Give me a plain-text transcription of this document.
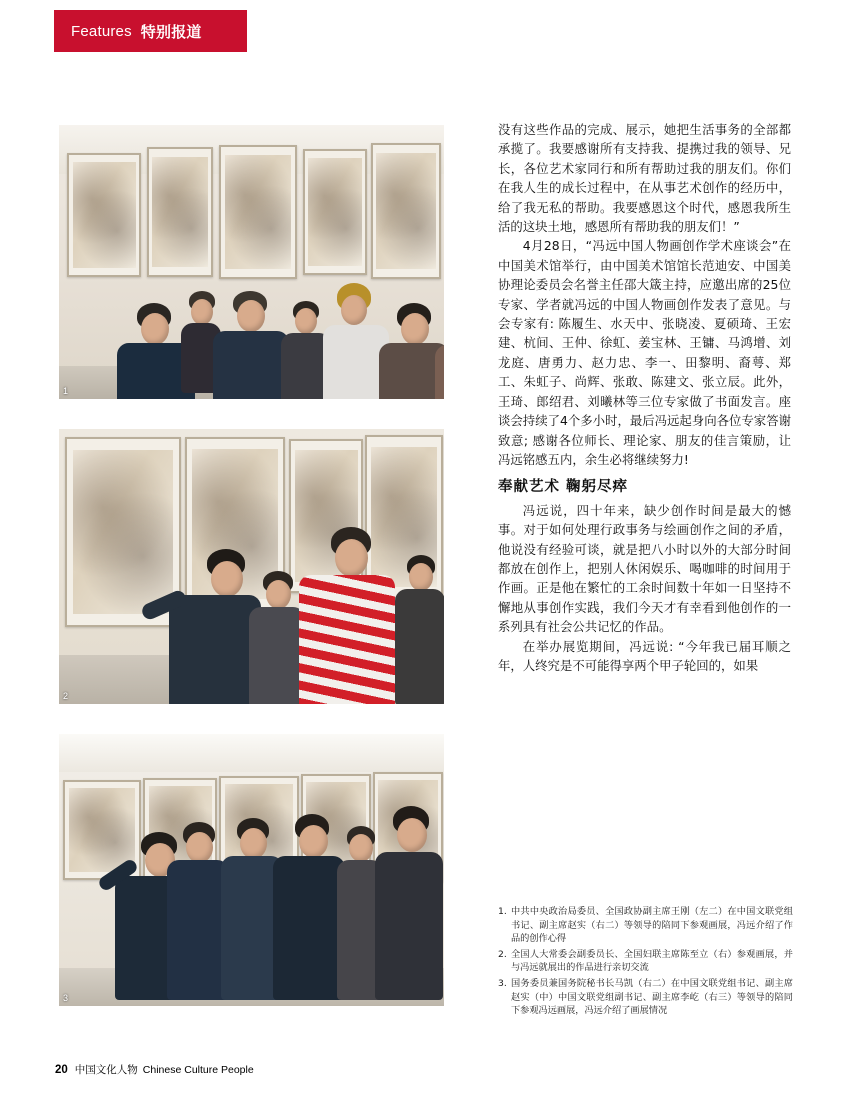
Features 特别报道
1
2
3

没有这些作品的完成、展示，她把生活事务的全部都承揽了。我要感谢所有支持我、提携过我的领导、兄长，各位艺术家同行和所有帮助过我的朋友们。你们在我人生的成长过程中，在从事艺术创作的经历中，给了我无私的帮助。我要感恩这个时代，感恩我所生活的这块土地，感恩所有帮助我的朋友们！”

4月28日，“冯远中国人物画创作学术座谈会”在中国美术馆举行，由中国美术馆馆长范迪安、中国美协理论委员会名誉主任邵大箴主持，应邀出席的25位专家、学者就冯远的中国人物画创作发表了意见。与会专家有: 陈履生、水天中、张晓凌、夏硕琦、王宏建、杭间、王仲、徐虹、姜宝林、王镛、马鸿增、刘龙庭、唐勇力、赵力忠、李一、田黎明、裔萼、郑工、朱虹子、尚辉、张敢、陈建文、张立辰。此外，王琦、郎绍君、刘曦林等三位专家做了书面发言。座谈会持续了4个多小时，最后冯远起身向各位专家答谢致意; 感谢各位师长、理论家、朋友的佳言策励，让冯远铭感五内，余生必将继续努力!

奉献艺术 鞠躬尽瘁

冯远说，四十年来，缺少创作时间是最大的憾事。对于如何处理行政事务与绘画创作之间的矛盾，他说没有经验可谈，就是把八小时以外的大部分时间都放在创作上，把别人休闲娱乐、喝咖啡的时间用于作画。正是他在繁忙的工余时间数十年如一日坚持不懈地从事创作实践，我们今天才有幸看到他创作的一系列具有社会公共记忆的作品。

在举办展览期间，冯远说: “今年我已届耳顺之年，人终究是不可能得享两个甲子轮回的，如果

1. 中共中央政治局委员、全国政协副主席王刚（左二）在中国文联党组书记、副主席赵实（右二）等领导的陪同下参观画展，冯远介绍了作品的创作心得
2. 全国人大常委会副委员长、全国妇联主席陈至立（右）参观画展，并与冯远就展出的作品进行亲切交流
3. 国务委员兼国务院秘书长马凯（右二）在中国文联党组书记、副主席赵实（中）中国文联党组副书记、副主席李屹（右三）等领导的陪同下参观冯远画展，冯远介绍了画展情况
20 中国文化人物 Chinese Culture People
